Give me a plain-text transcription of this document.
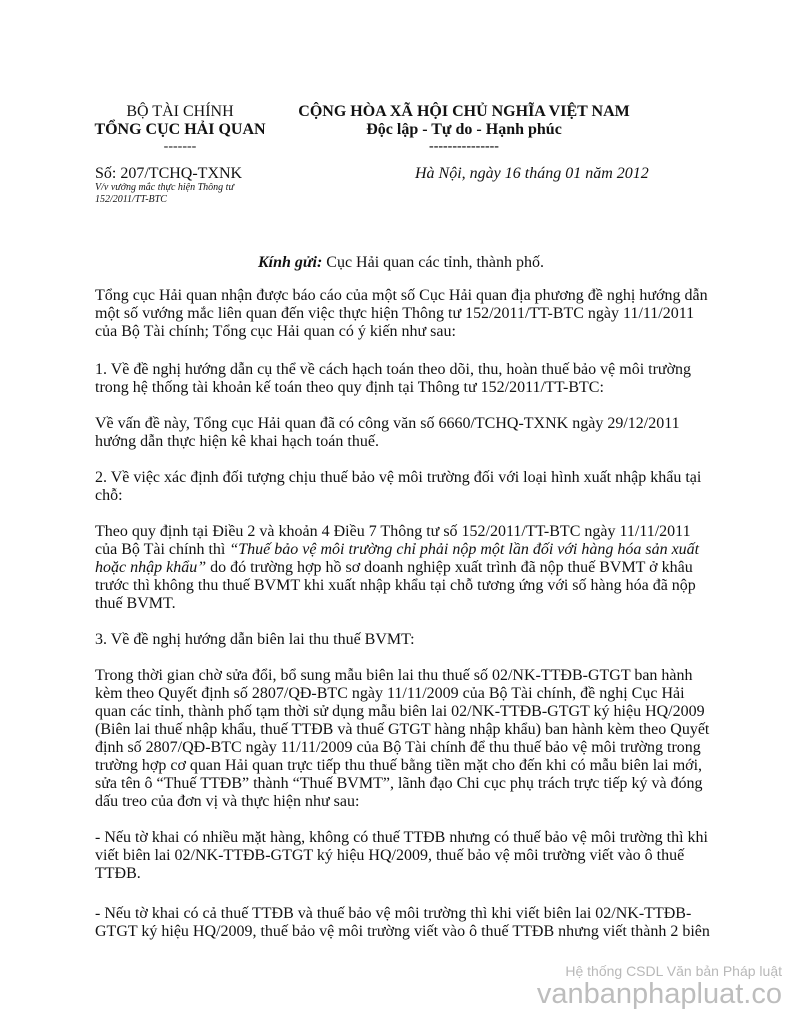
BỘ TÀI CHÍNH
TỔNG CỤC HẢI QUAN
-------
Số: 207/TCHQ-TXNK
V/v vướng mắc thực hiện Thông tư
152/2011/TT-BTC
CỘNG HÒA XÃ HỘI CHỦ NGHĨA VIỆT NAM
Độc lập - Tự do - Hạnh phúc
---------------
Hà Nội, ngày 16 tháng 01 năm 2012
Kính gửi: Cục Hải quan các tỉnh, thành phố.
Tổng cục Hải quan nhận được báo cáo của một số Cục Hải quan địa phương đề nghị hướng dẫn
một số vướng mắc liên quan đến việc thực hiện Thông tư 152/2011/TT-BTC ngày 11/11/2011
của Bộ Tài chính; Tổng cục Hải quan có ý kiến như sau:
1. Về đề nghị hướng dẫn cụ thể về cách hạch toán theo dõi, thu, hoàn thuế bảo vệ môi trường
trong hệ thống tài khoản kế toán theo quy định tại Thông tư 152/2011/TT-BTC:
Về vấn đề này, Tổng cục Hải quan đã có công văn số 6660/TCHQ-TXNK ngày 29/12/2011
hướng dẫn thực hiện kê khai hạch toán thuế.
2. Về việc xác định đối tượng chịu thuế bảo vệ môi trường đối với loại hình xuất nhập khẩu tại
chỗ:
Theo quy định tại Điều 2 và khoản 4 Điều 7 Thông tư số 152/2011/TT-BTC ngày 11/11/2011
của Bộ Tài chính thì “Thuế bảo vệ môi trường chỉ phải nộp một lần đối với hàng hóa sản xuất
hoặc nhập khẩu” do đó trường hợp hồ sơ doanh nghiệp xuất trình đã nộp thuế BVMT ở khâu
trước thì không thu thuế BVMT khi xuất nhập khẩu tại chỗ tương ứng với số hàng hóa đã nộp
thuế BVMT.
3. Về đề nghị hướng dẫn biên lai thu thuế BVMT:
Trong thời gian chờ sửa đổi, bổ sung mẫu biên lai thu thuế số 02/NK-TTĐB-GTGT ban hành
kèm theo Quyết định số 2807/QĐ-BTC ngày 11/11/2009 của Bộ Tài chính, đề nghị Cục Hải
quan các tỉnh, thành phố tạm thời sử dụng mẫu biên lai 02/NK-TTĐB-GTGT ký hiệu HQ/2009
(Biên lai thuế nhập khẩu, thuế TTĐB và thuế GTGT hàng nhập khẩu) ban hành kèm theo Quyết
định số 2807/QĐ-BTC ngày 11/11/2009 của Bộ Tài chính để thu thuế bảo vệ môi trường trong
trường hợp cơ quan Hải quan trực tiếp thu thuế bằng tiền mặt cho đến khi có mẫu biên lai mới,
sửa tên ô “Thuế TTĐB” thành “Thuế BVMT”, lãnh đạo Chi cục phụ trách trực tiếp ký và đóng
dấu treo của đơn vị và thực hiện như sau:
- Nếu tờ khai có nhiều mặt hàng, không có thuế TTĐB nhưng có thuế bảo vệ môi trường thì khi
viết biên lai 02/NK-TTĐB-GTGT ký hiệu HQ/2009, thuế bảo vệ môi trường viết vào ô thuế
TTĐB.
- Nếu tờ khai có cả thuế TTĐB và thuế bảo vệ môi trường thì khi viết biên lai 02/NK-TTĐB-
GTGT ký hiệu HQ/2009, thuế bảo vệ môi trường viết vào ô thuế TTĐB nhưng viết thành 2 biên
Hệ thống CSDL Văn bản Pháp luật
vanbanphapluat.co
